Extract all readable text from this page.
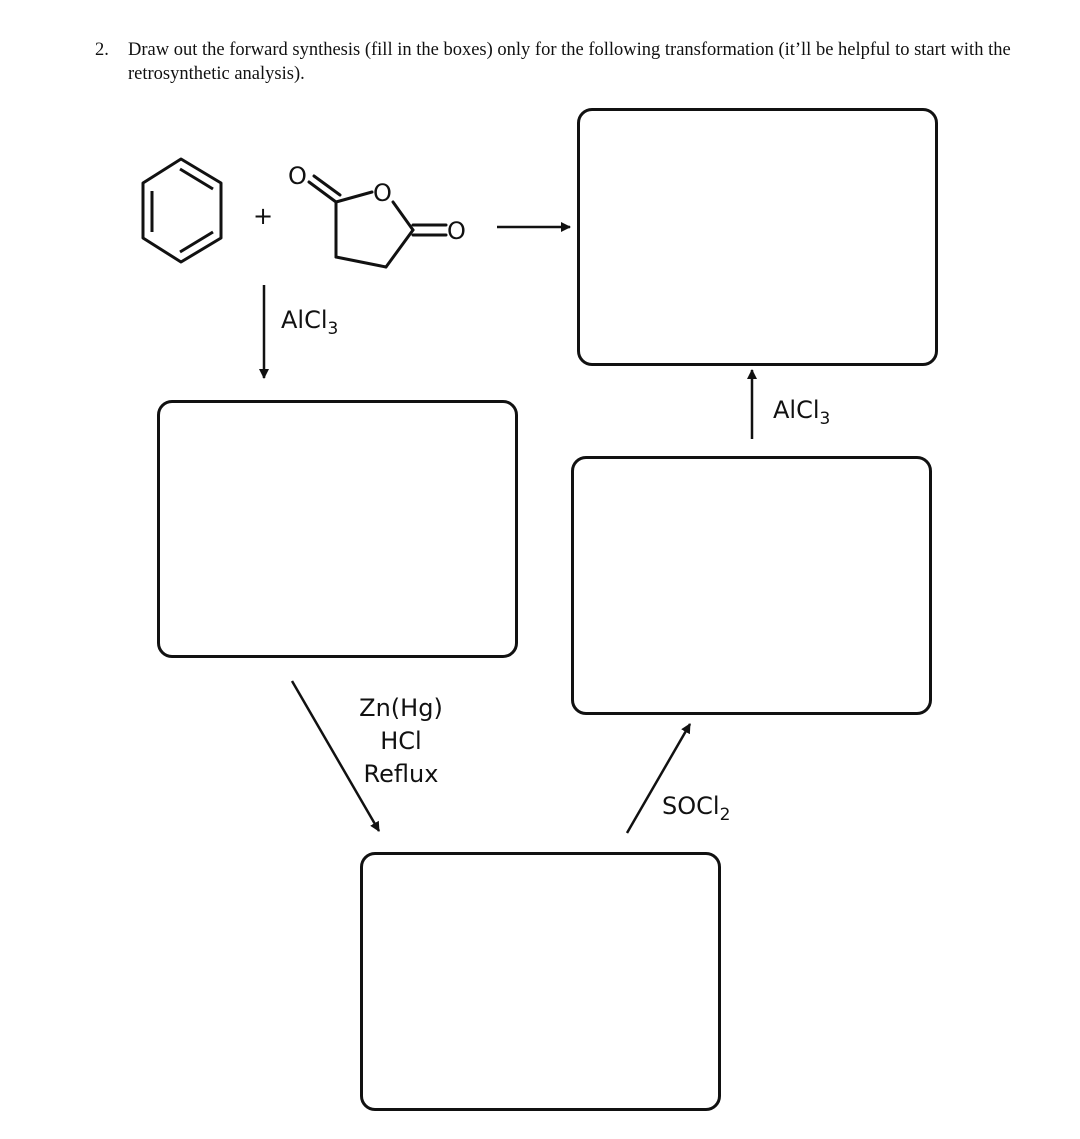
2. Draw out the forward synthesis (fill in the boxes) only for the following transformation (it’ll be helpful to start with the retrosynthetic analysis).
+
O
O
O
AlCl$_3$
Zn(Hg)
HCl
Reflux
SOCl$_2$
AlCl$_3$
